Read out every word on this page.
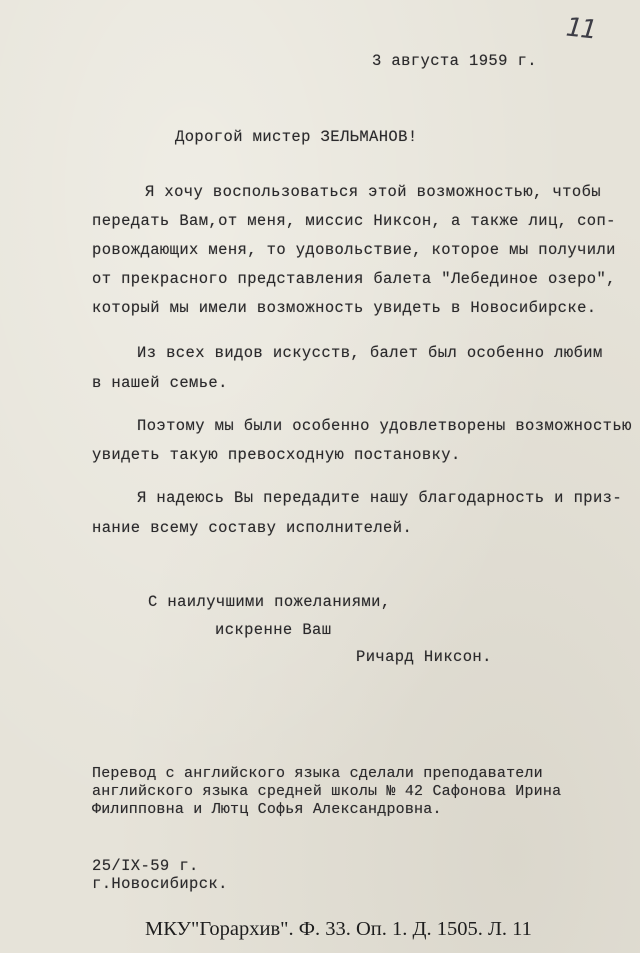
11
3 августа 1959 г.
Дорогой мистер ЗЕЛЬМАНОВ!
Я хочу воспользоваться этой возможностью, чтобы
передать Вам,от меня, миссис Никсон, а также лиц, соп-
ровождающих меня, то удовольствие, которое мы получили
от прекрасного представления балета "Лебединое озеро",
который мы имели возможность увидеть в Новосибирске.
Из всех видов искусств, балет был особенно любим
в нашей семье.
Поэтому мы были особенно удовлетворены возможностью
увидеть такую превосходную постановку.
Я надеюсь Вы передадите нашу благодарность и приз-
нание всему составу исполнителей.
С наилучшими пожеланиями,
искренне Ваш
Ричард Никсон.
Перевод с английского языка сделали преподаватели
английского языка средней школы № 42 Сафонова Ирина
Филипповна и Лютц Софья Александровна.
25/IX-59 г.
г.Новосибирск.
МКУ"Горархив". Ф. 33. Оп. 1. Д. 1505. Л. 11
